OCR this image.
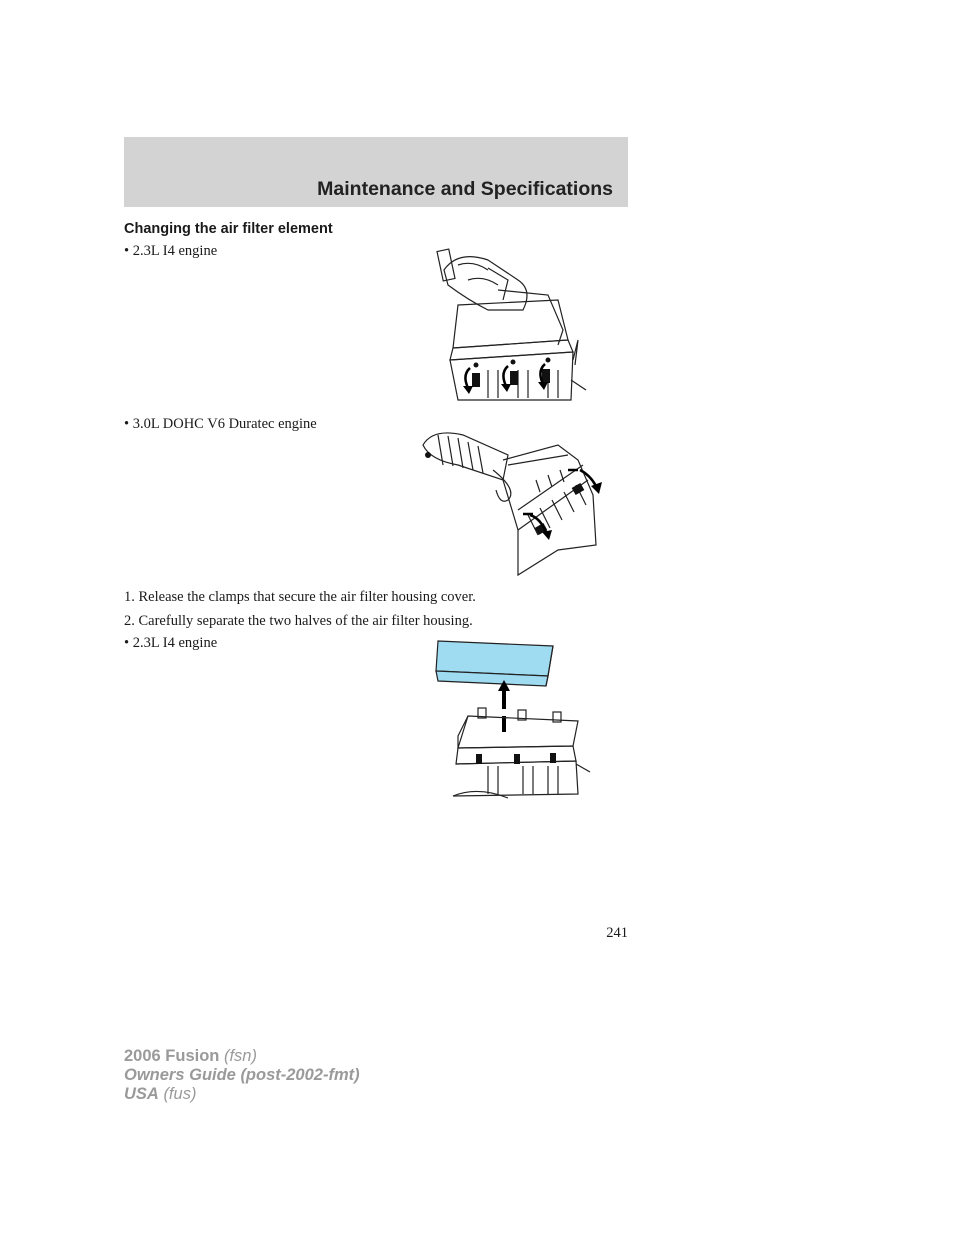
Maintenance and Specifications
Changing the air filter element
• 2.3L I4 engine
• 3.0L DOHC V6 Duratec engine
1. Release the clamps that secure the air filter housing cover.
2. Carefully separate the two halves of the air filter housing.
• 2.3L I4 engine
241
2006 Fusion (fsn)
Owners Guide (post-2002-fmt)
USA (fus)
